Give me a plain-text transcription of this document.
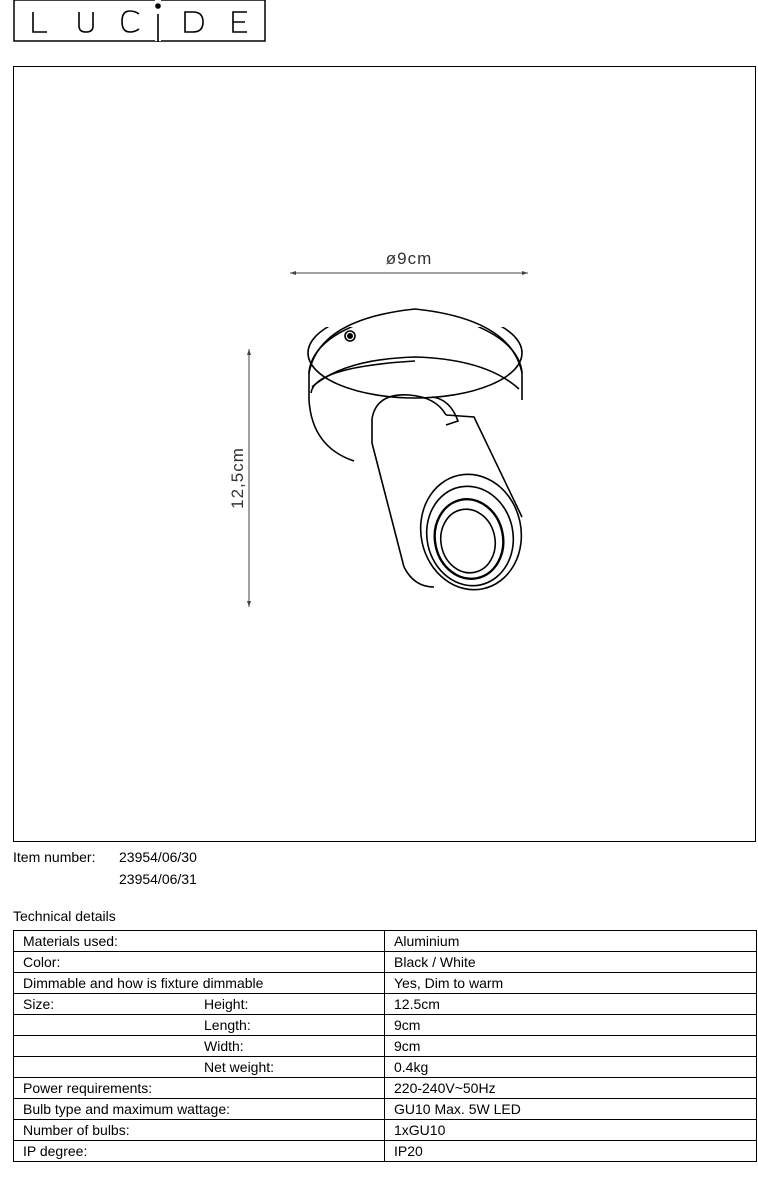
ø9cm
12,5cm
Item number: 23954/06/30
23954/06/31
Technical details
Materials used:	Aluminium
Color:	Black / White
Dimmable and how is fixture dimmable	Yes, Dim to warm
Size: Height:	12.5cm
Length:	9cm
Width:	9cm
Net weight:	0.4kg
Power requirements:	220-240V~50Hz
Bulb type and maximum wattage:	GU10 Max. 5W LED
Number of bulbs:	1xGU10
IP degree:	IP20
